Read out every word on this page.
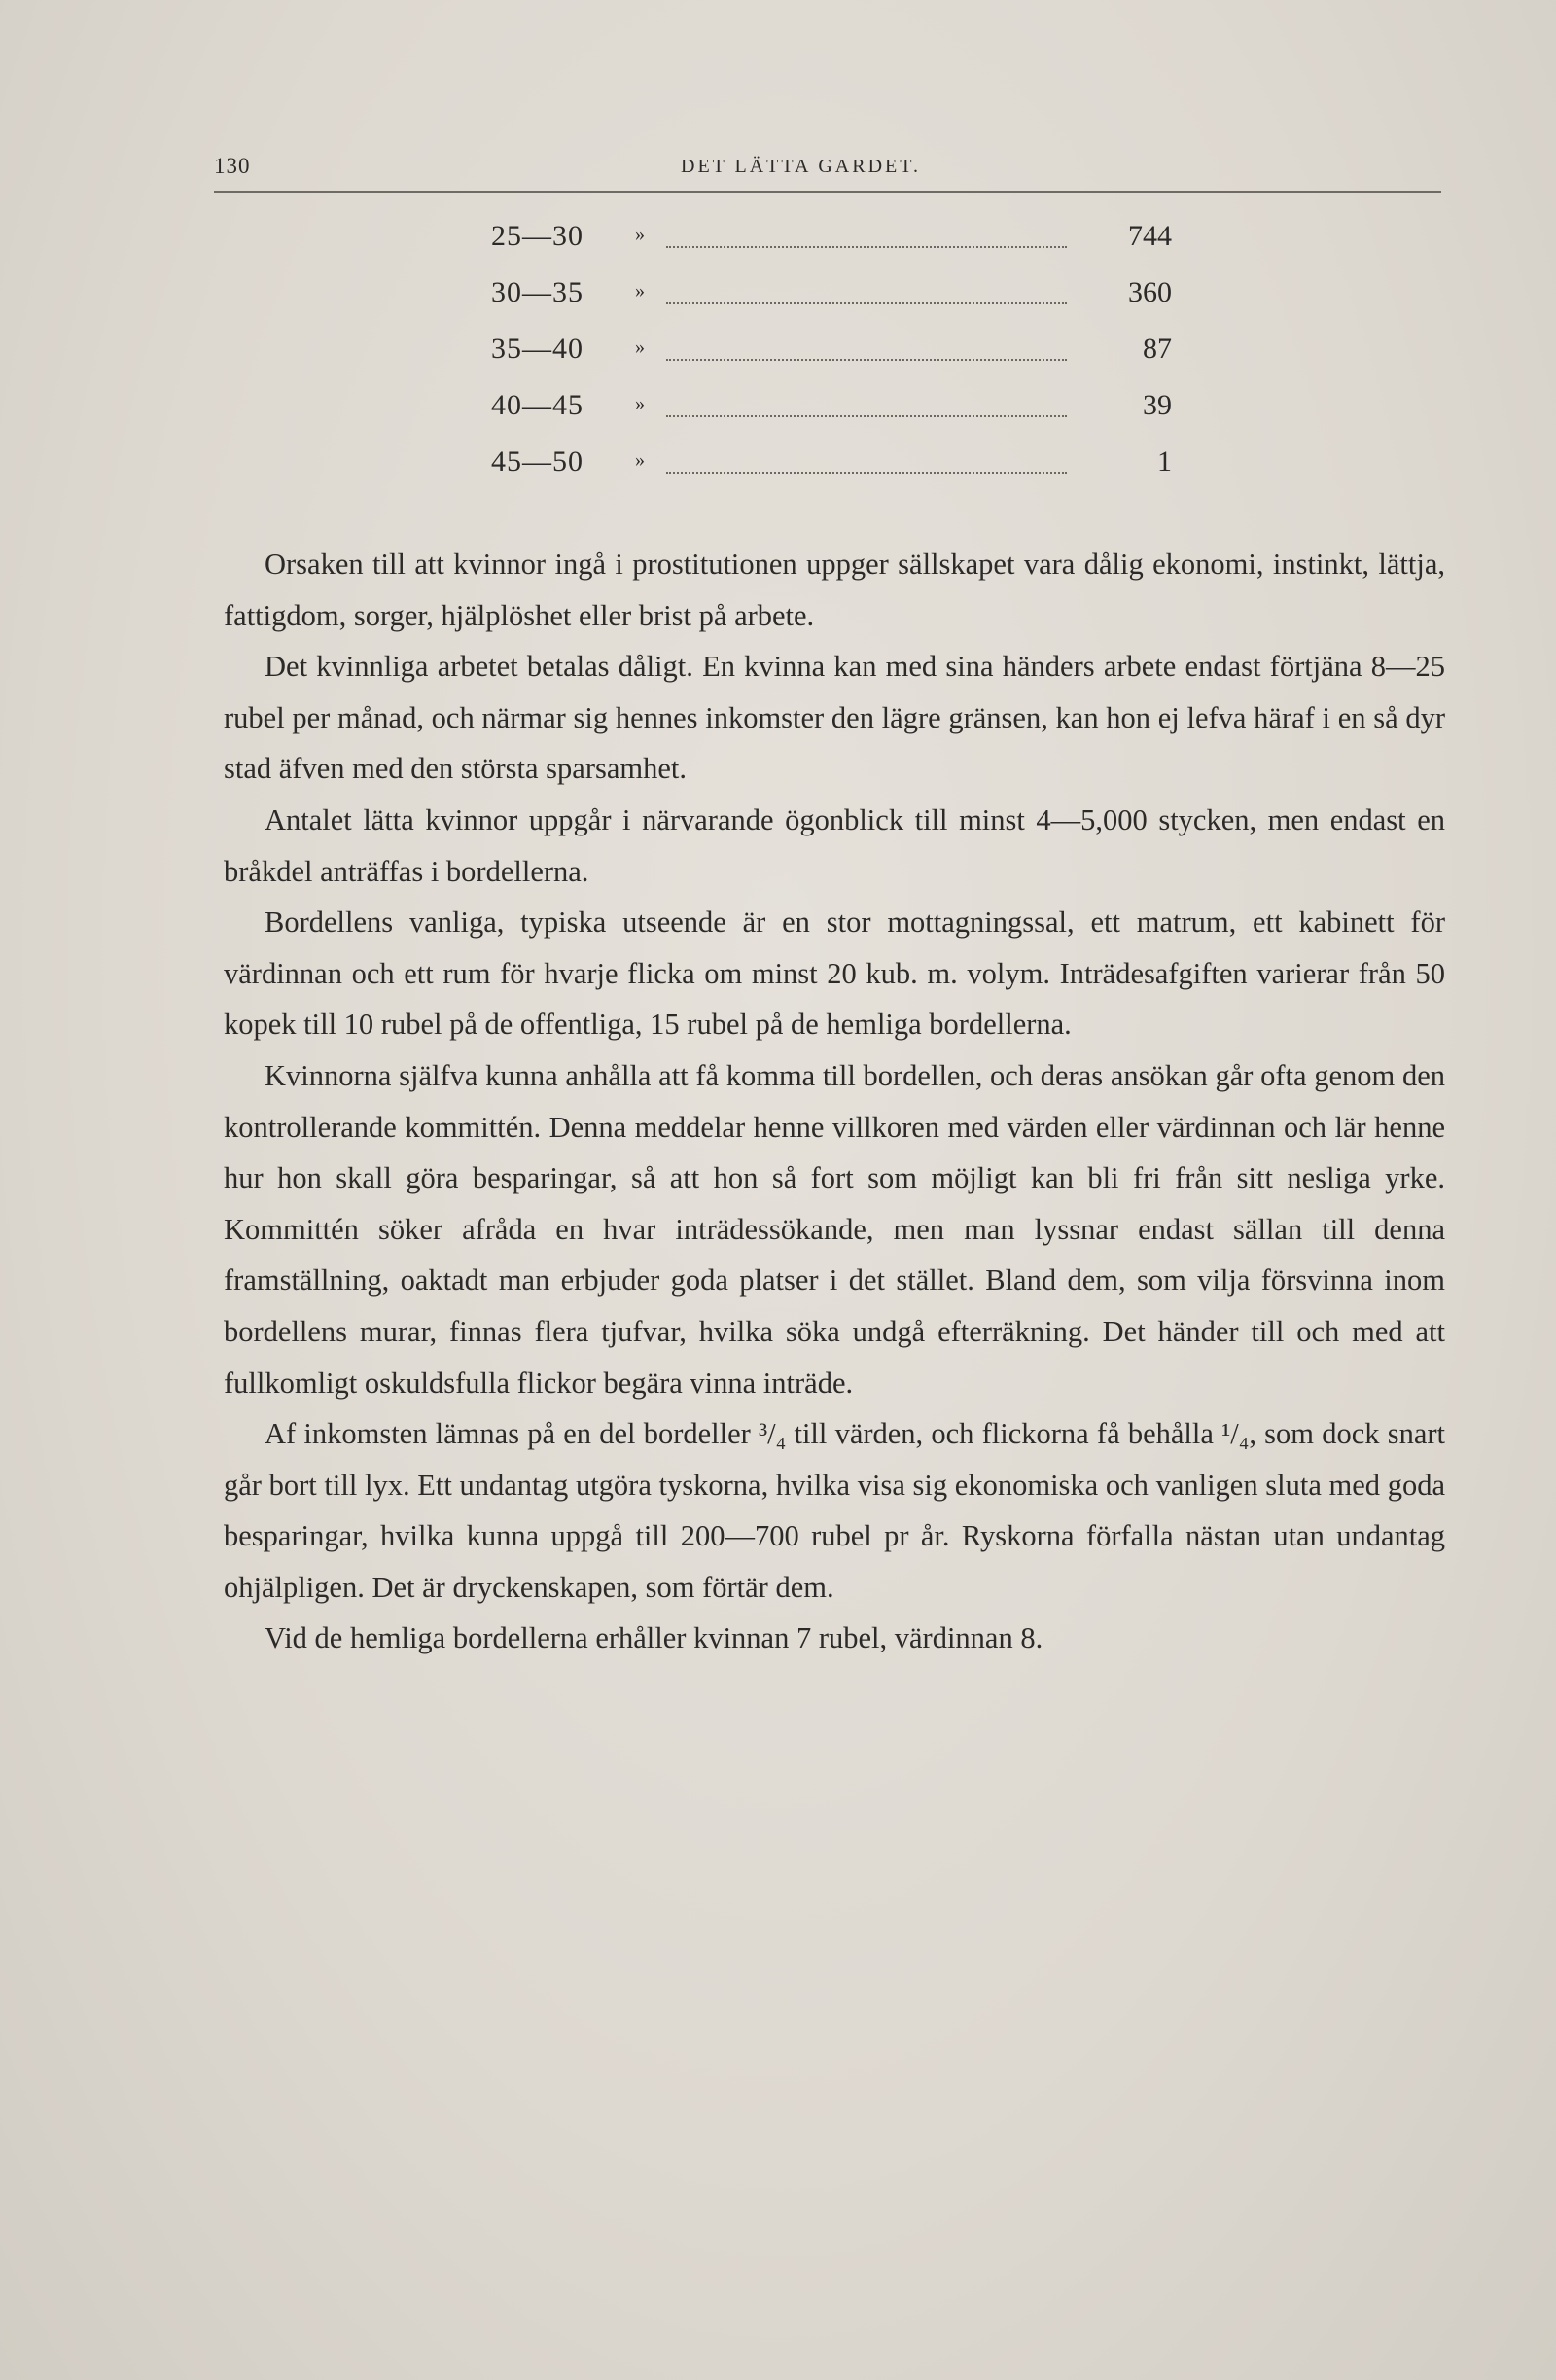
130	DET LÄTTA GARDET.
25—30	»	744
30—35	»	360
35—40	»	87
40—45	»	39
45—50	»	1

Orsaken till att kvinnor ingå i prostitutionen uppger sällskapet vara dålig ekonomi, instinkt, lättja, fattigdom, sorger, hjälplöshet eller brist på arbete.

Det kvinnliga arbetet betalas dåligt. En kvinna kan med sina händers arbete endast förtjäna 8—25 rubel per månad, och närmar sig hennes inkomster den lägre gränsen, kan hon ej lefva häraf i en så dyr stad äfven med den största sparsamhet.

Antalet lätta kvinnor uppgår i närvarande ögonblick till minst 4—5,000 stycken, men endast en bråkdel anträffas i bordellerna.

Bordellens vanliga, typiska utseende är en stor mottagningssal, ett matrum, ett kabinett för värdinnan och ett rum för hvarje flicka om minst 20 kub. m. volym. Inträdesafgiften varierar från 50 kopek till 10 rubel på de offentliga, 15 rubel på de hemliga bordellerna.

Kvinnorna själfva kunna anhålla att få komma till bordellen, och deras ansökan går ofta genom den kontrollerande kommittén. Denna meddelar henne villkoren med värden eller värdinnan och lär henne hur hon skall göra besparingar, så att hon så fort som möjligt kan bli fri från sitt nesliga yrke. Kommittén söker afråda en hvar inträdessökande, men man lyssnar endast sällan till denna framställning, oaktadt man erbjuder goda platser i det stället. Bland dem, som vilja försvinna inom bordellens murar, finnas flera tjufvar, hvilka söka undgå efterräkning. Det händer till och med att fullkomligt oskuldsfulla flickor begära vinna inträde.

Af inkomsten lämnas på en del bordeller ³/₄ till värden, och flickorna få behålla ¹/₄, som dock snart går bort till lyx. Ett undantag utgöra tyskorna, hvilka visa sig ekonomiska och vanligen sluta med goda besparingar, hvilka kunna uppgå till 200—700 rubel pr år. Ryskorna förfalla nästan utan undantag ohjälpligen. Det är dryckenskapen, som förtär dem.

Vid de hemliga bordellerna erhåller kvinnan 7 rubel, värdinnan 8.
